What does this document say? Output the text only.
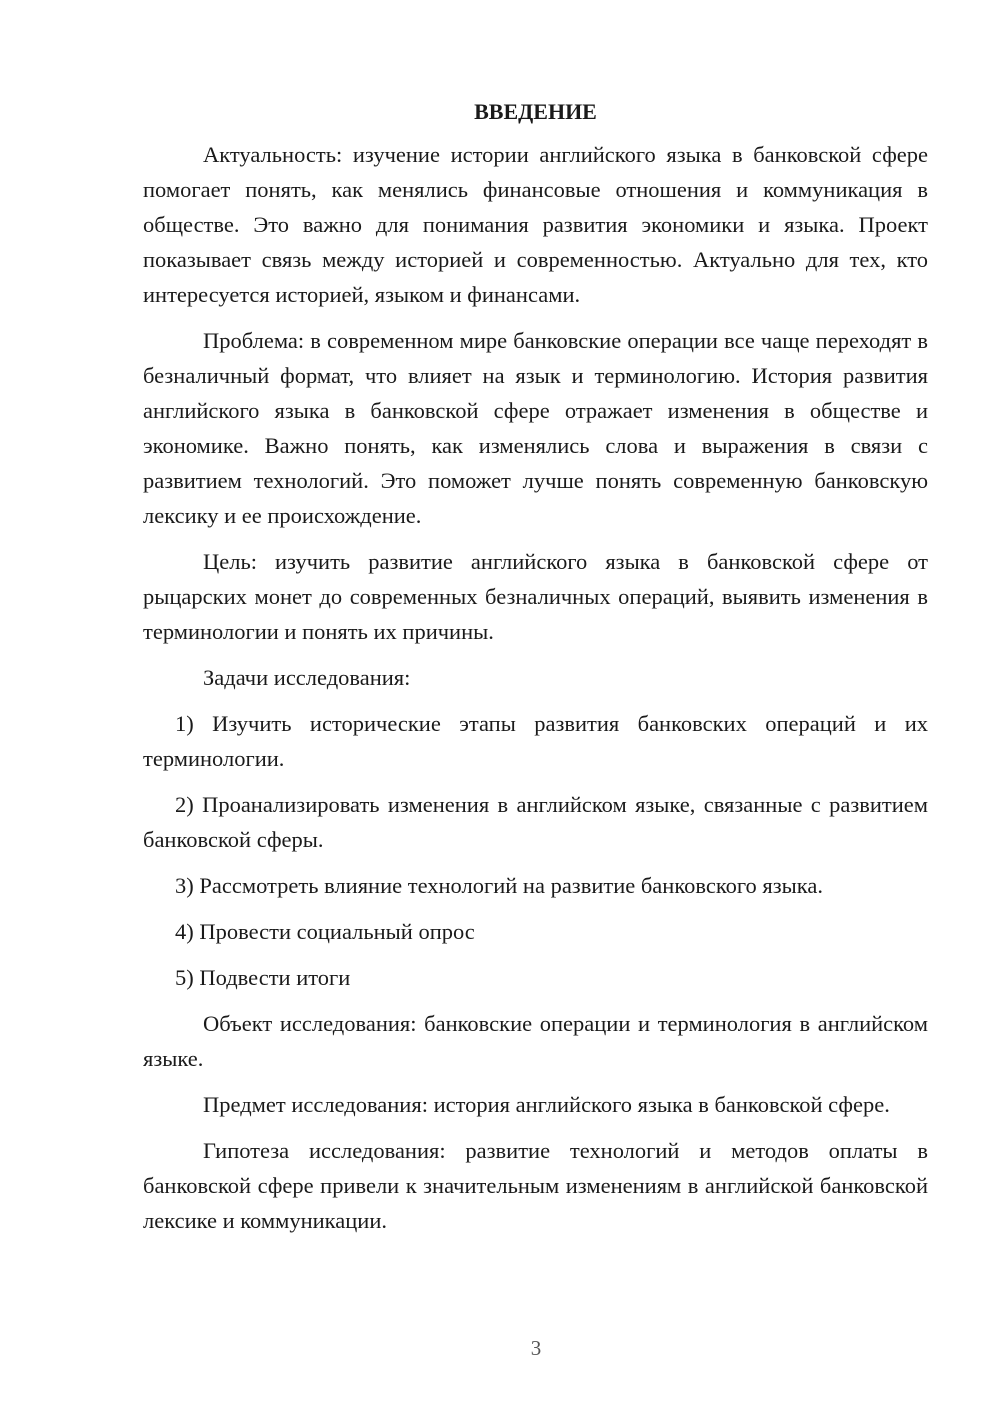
ВВЕДЕНИЕ

Актуальность: изучение истории английского языка в банковской сфере помогает понять, как менялись финансовые отношения и коммуникация в обществе. Это важно для понимания развития экономики и языка. Проект показывает связь между историей и современностью. Актуально для тех, кто интересуется историей, языком и финансами.

Проблема: в современном мире банковские операции все чаще переходят в безналичный формат, что влияет на язык и терминологию. История развития английского языка в банковской сфере отражает изменения в обществе и экономике. Важно понять, как изменялись слова и выражения в связи с развитием технологий. Это поможет лучше понять современную банковскую лексику и ее происхождение.

Цель: изучить развитие английского языка в банковской сфере от рыцарских монет до современных безналичных операций, выявить изменения в терминологии и понять их причины.

Задачи исследования:

1) Изучить исторические этапы развития банковских операций и их терминологии.

2) Проанализировать изменения в английском языке, связанные с развитием банковской сферы.

3) Рассмотреть влияние технологий на развитие банковского языка.

4) Провести социальный опрос

5) Подвести итоги

Объект исследования: банковские операции и терминология в английском языке.

Предмет исследования: история английского языка в банковской сфере.

Гипотеза исследования: развитие технологий и методов оплаты в банковской сфере привели к значительным изменениям в английской банковской лексике и коммуникации.

3
